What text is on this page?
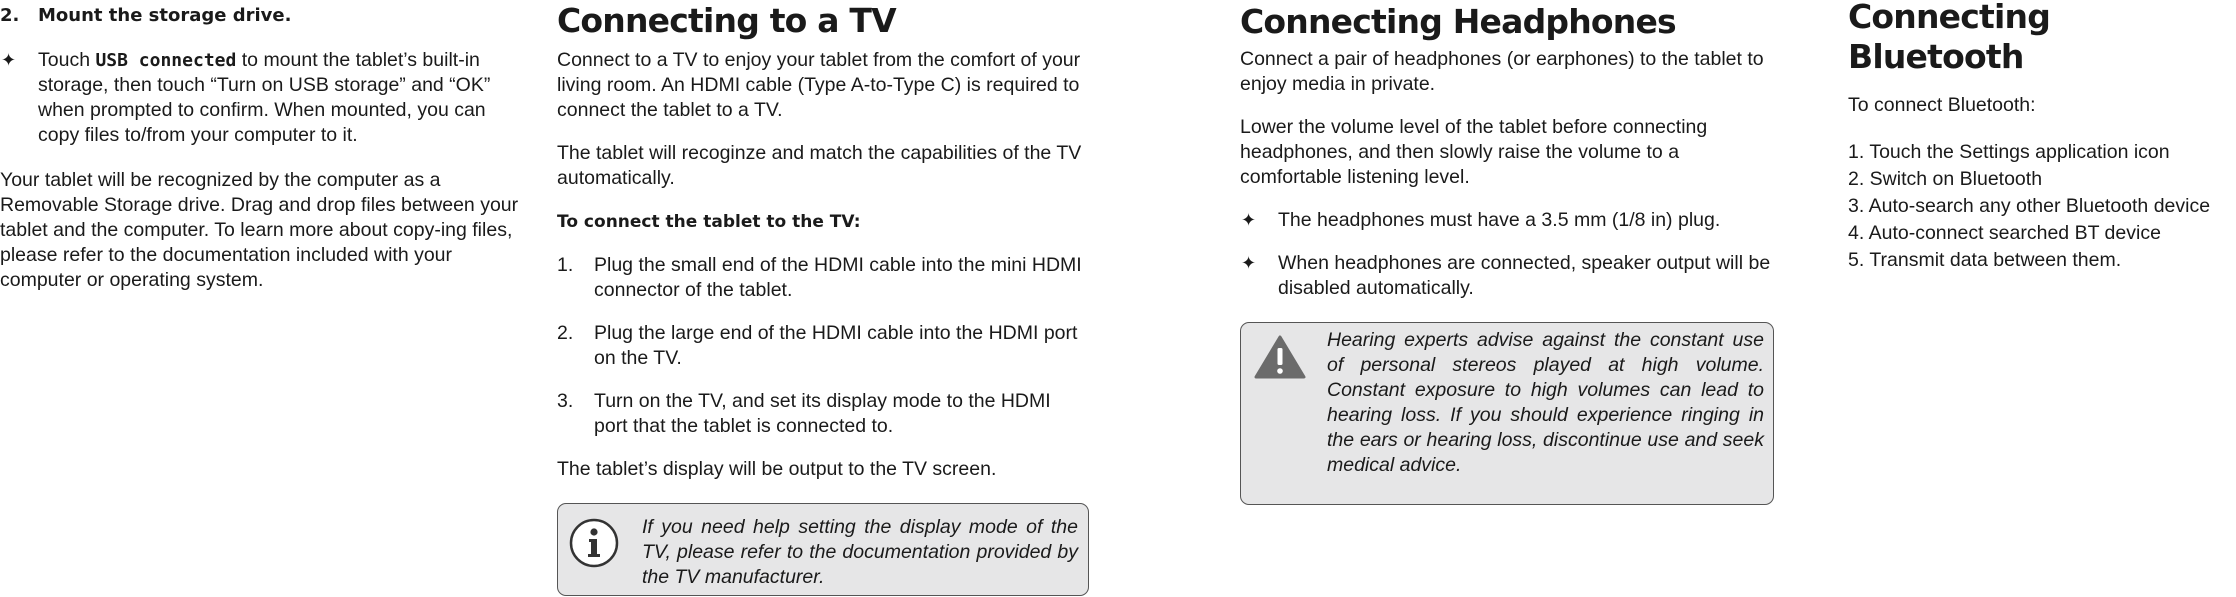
2. Mount the storage drive.
✦	Touch USB connected to mount the tablet’s built-in storage, then touch “Turn on USB storage” and “OK” when prompted to confirm. When mounted, you can copy files to/from your computer to it.

Your tablet will be recognized by the computer as a Removable Storage drive. Drag and drop files between your tablet and the computer. To learn more about copy-ing files, please refer to the documentation included with your computer or operating system.

Connecting to a TV

Connect to a TV to enjoy your tablet from the comfort of your living room. An HDMI cable (Type A-to-Type C) is required to connect the tablet to a TV.

The tablet will recoginze and match the capabilities of the TV automatically.

To connect the tablet to the TV:
1.	Plug the small end of the HDMI cable into the mini HDMI connector of the tablet.
2.	Plug the large end of the HDMI cable into the HDMI port on the TV.
3.	Turn on the TV, and set its display mode to the HDMI port that the tablet is connected to.

The tablet’s display will be output to the TV screen.

If you need help setting the display mode of the TV, please refer to the documentation provided by the TV manufacturer.
Connecting Headphones

Connect a pair of headphones (or earphones) to the tablet to enjoy media in private.

Lower the volume level of the tablet before connecting headphones, and then slowly raise the volume to a comfortable listening level.

✦	The headphones must have a 3.5 mm (1/8 in) plug.
✦	When headphones are connected, speaker output will be disabled automatically.
Hearing experts advise against the constant use of personal stereos played at high volume. Constant exposure to high volumes can lead to hearing loss. If you should experience ringing in the ears or hearing loss, discontinue use and seek medical advice.
Connecting Bluetooth

To connect Bluetooth:

1. Touch the Settings application icon
2. Switch on Bluetooth
3. Auto-search any other Bluetooth device
4. Auto-connect searched BT device
5. Transmit data between them.
